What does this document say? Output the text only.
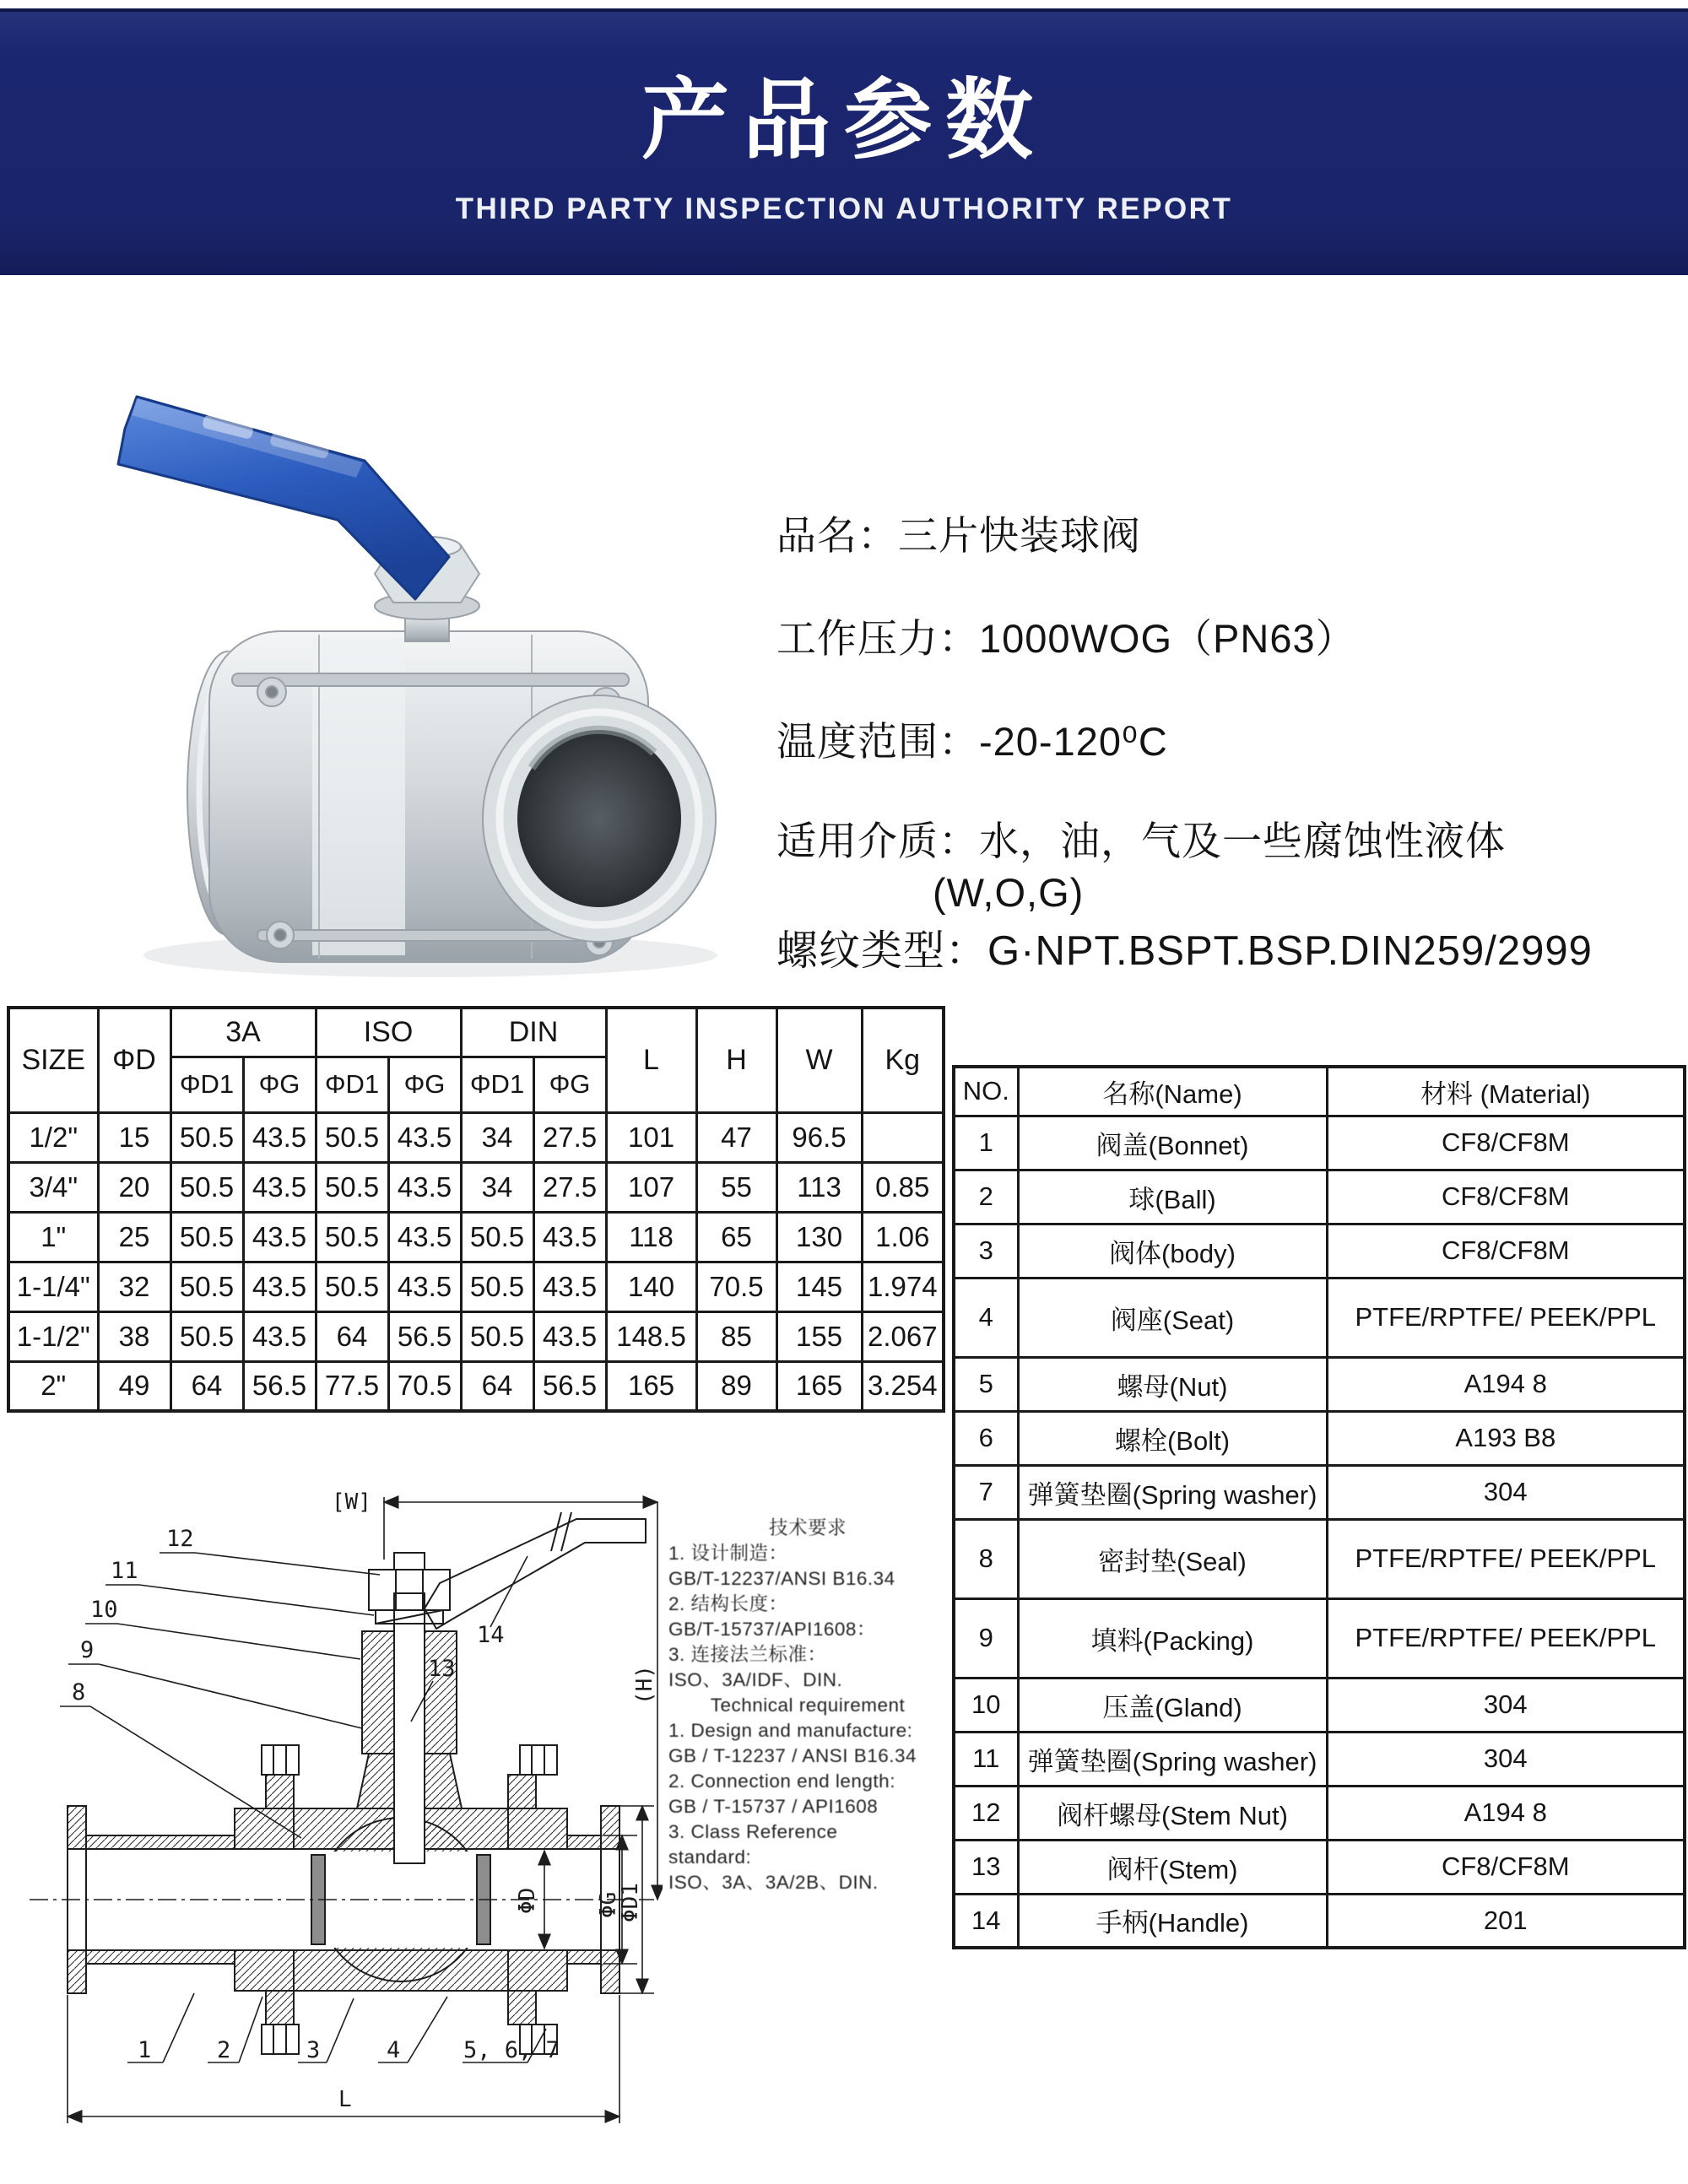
产品参数
THIRD PARTY INSPECTION AUTHORITY REPORT
品名：三片快装球阀
工作压力：1000WOG（PN63）
温度范围：-20-120⁰C
适用介质：水，油，气及一些腐蚀性液体
(W,O,G)
螺纹类型：G·NPT.BSPT.BSP.DIN259/2999
SIZE	ΦD	3A		ISO		DIN		L	H	W	Kg
		ΦD1	ΦG	ΦD1	ΦG	ΦD1	ΦG				
1/2"	15	50.5	43.5	50.5	43.5	34	27.5	101	47	96.5	
3/4"	20	50.5	43.5	50.5	43.5	34	27.5	107	55	113	0.85
1"	25	50.5	43.5	50.5	43.5	50.5	43.5	118	65	130	1.06
1-1/4"	32	50.5	43.5	50.5	43.5	50.5	43.5	140	70.5	145	1.974
1-1/2"	38	50.5	43.5	64	56.5	50.5	43.5	148.5	85	155	2.067
2"	49	64	56.5	77.5	70.5	64	56.5	165	89	165	3.254
NO.	名称(Name)	材料 (Material)
1	阀盖(Bonnet)	CF8/CF8M
2	球(Ball)	CF8/CF8M
3	阀体(body)	CF8/CF8M
4	阀座(Seat)	PTFE/RPTFE/ PEEK/PPL
5	螺母(Nut)	A194 8
6	螺栓(Bolt)	A193 B8
7	弹簧垫圈(Spring washer)	304
8	密封垫(Seal)	PTFE/RPTFE/ PEEK/PPL
9	填料(Packing)	PTFE/RPTFE/ PEEK/PPL
10	压盖(Gland)	304
11	弹簧垫圈(Spring washer)	304
12	阀杆螺母(Stem Nut)	A194 8
13	阀杆(Stem)	CF8/CF8M
14	手柄(Handle)	201
技术要求
1. 设计制造：
GB/T-12237/ANSI B16.34
2. 结构长度：
GB/T-15737/API1608：
3. 连接法兰标准：
ISO、3A/IDF、DIN.
Technical requirement
1. Design and manufacture:
GB / T-12237 / ANSI B16.34
2. Connection end length:
GB / T-15737 / API1608
3. Class Reference
standard:
ISO、3A、3A/2B、DIN.
12
11
10
9
8
14
13
1	2	3	4	5, 6, 7
[W]
(H)
ΦD	ΦG
ΦD1
L
